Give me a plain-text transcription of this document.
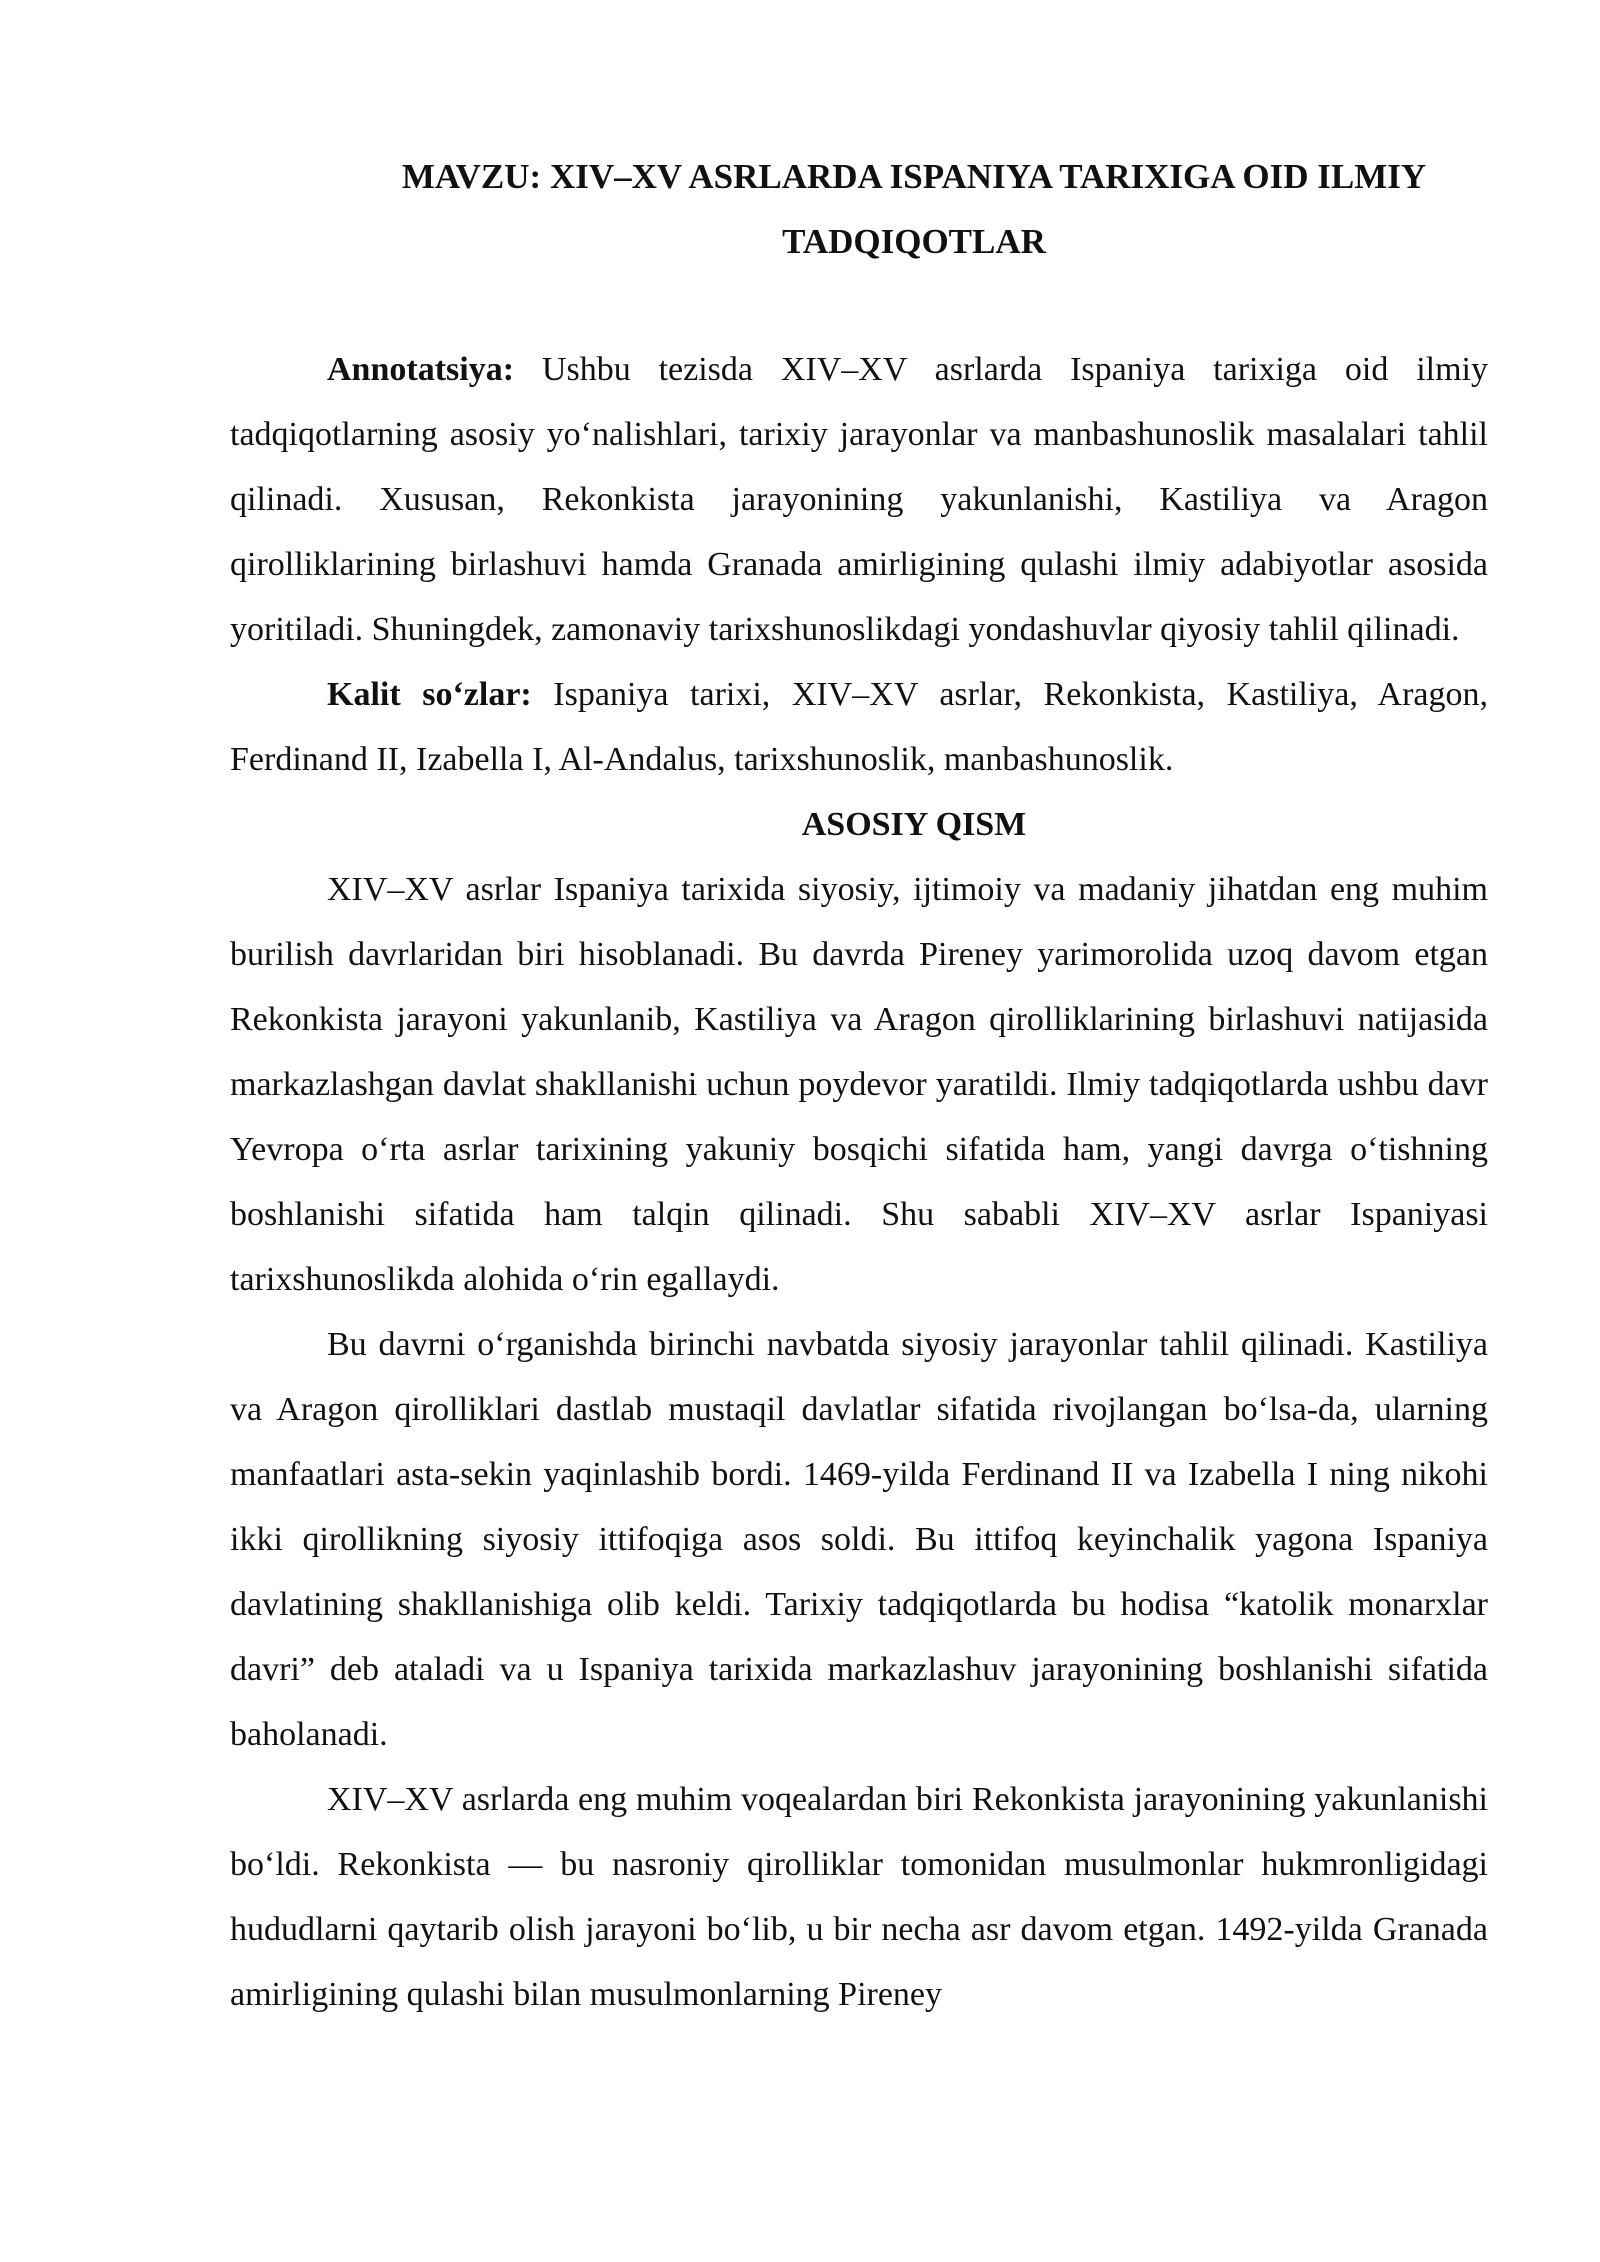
MAVZU: XIV–XV ASRLARDA ISPANIYA TARIXIGA OID ILMIY
TADQIQOTLAR

Annotatsiya: Ushbu tezisda XIV–XV asrlarda Ispaniya tarixiga oid ilmiy tadqiqotlarning asosiy yo‘nalishlari, tarixiy jarayonlar va manbashunoslik masalalari tahlil qilinadi. Xususan, Rekonkista jarayonining yakunlanishi, Kastiliya va Aragon qirolliklarining birlashuvi hamda Granada amirligining qulashi ilmiy adabiyotlar asosida yoritiladi. Shuningdek, zamonaviy tarixshunoslikdagi yondashuvlar qiyosiy tahlil qilinadi.

Kalit so‘zlar: Ispaniya tarixi, XIV–XV asrlar, Rekonkista, Kastiliya, Aragon, Ferdinand II, Izabella I, Al-Andalus, tarixshunoslik, manbashunoslik.

ASOSIY QISM

XIV–XV asrlar Ispaniya tarixida siyosiy, ijtimoiy va madaniy jihatdan eng muhim burilish davrlaridan biri hisoblanadi. Bu davrda Pireney yarimorolida uzoq davom etgan Rekonkista jarayoni yakunlanib, Kastiliya va Aragon qirolliklarining birlashuvi natijasida markazlashgan davlat shakllanishi uchun poydevor yaratildi. Ilmiy tadqiqotlarda ushbu davr Yevropa o‘rta asrlar tarixining yakuniy bosqichi sifatida ham, yangi davrga o‘tishning boshlanishi sifatida ham talqin qilinadi. Shu sababli XIV–XV asrlar Ispaniyasi tarixshunoslikda alohida o‘rin egallaydi.

Bu davrni o‘rganishda birinchi navbatda siyosiy jarayonlar tahlil qilinadi. Kastiliya va Aragon qirolliklari dastlab mustaqil davlatlar sifatida rivojlangan bo‘lsa-da, ularning manfaatlari asta-sekin yaqinlashib bordi. 1469-yilda Ferdinand II va Izabella I ning nikohi ikki qirollikning siyosiy ittifoqiga asos soldi. Bu ittifoq keyinchalik yagona Ispaniya davlatining shakllanishiga olib keldi. Tarixiy tadqiqotlarda bu hodisa “katolik monarxlar davri” deb ataladi va u Ispaniya tarixida markazlashuv jarayonining boshlanishi sifatida baholanadi.

XIV–XV asrlarda eng muhim voqealardan biri Rekonkista jarayonining yakunlanishi bo‘ldi. Rekonkista — bu nasroniy qirolliklar tomonidan musulmonlar hukmronligidagi hududlarni qaytarib olish jarayoni bo‘lib, u bir necha asr davom etgan. 1492-yilda Granada amirligining qulashi bilan musulmonlarning Pireney
